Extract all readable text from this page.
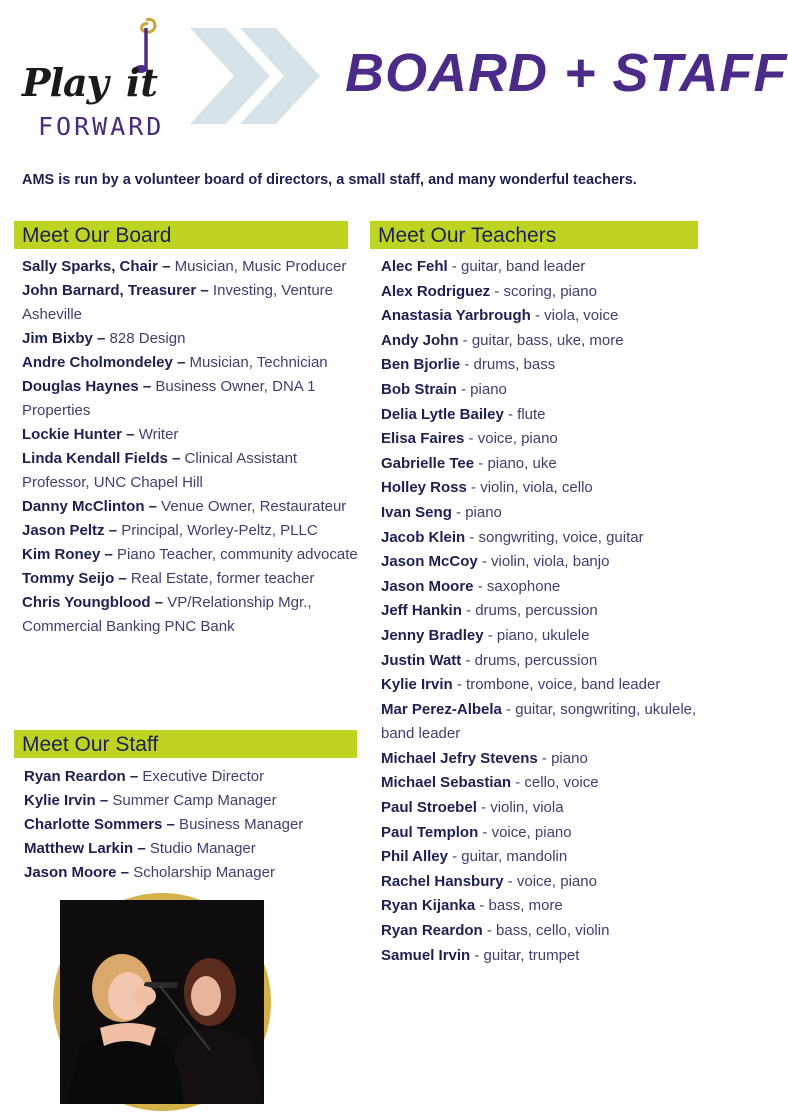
Play it
FORWARD
BOARD + STAFF
AMS is run by a volunteer board of directors, a small staff, and many wonderful teachers.
Meet Our Board
Sally Sparks, Chair – Musician, Music Producer
John Barnard, Treasurer – Investing, Venture Asheville
Jim Bixby – 828 Design
Andre Cholmondeley – Musician, Technician
Douglas Haynes – Business Owner, DNA 1 Properties
Lockie Hunter – Writer
Linda Kendall Fields – Clinical Assistant Professor, UNC Chapel Hill
Danny McClinton – Venue Owner, Restaurateur
Jason Peltz – Principal, Worley-Peltz, PLLC
Kim Roney – Piano Teacher, community advocate
Tommy Seijo – Real Estate, former teacher
Chris Youngblood – VP/Relationship Mgr., Commercial Banking PNC Bank
Meet Our Staff
Ryan Reardon – Executive Director
Kylie Irvin – Summer Camp Manager
Charlotte Sommers – Business Manager
Matthew Larkin – Studio Manager
Jason Moore – Scholarship Manager
Meet Our Teachers
Alec Fehl - guitar, band leader
Alex Rodriguez - scoring, piano
Anastasia Yarbrough - viola, voice
Andy John - guitar, bass, uke, more
Ben Bjorlie - drums, bass
Bob Strain - piano
Delia Lytle Bailey - flute
Elisa Faires - voice, piano
Gabrielle Tee - piano, uke
Holley Ross - violin, viola, cello
Ivan Seng - piano
Jacob Klein - songwriting, voice, guitar
Jason McCoy - violin, viola, banjo
Jason Moore - saxophone
Jeff Hankin - drums, percussion
Jenny Bradley - piano, ukulele
Justin Watt - drums, percussion
Kylie Irvin - trombone, voice, band leader
Mar Perez-Albela - guitar, songwriting, ukulele, band leader
Michael Jefry Stevens - piano
Michael Sebastian - cello, voice
Paul Stroebel - violin, viola
Paul Templon - voice, piano
Phil Alley - guitar, mandolin
Rachel Hansbury - voice, piano
Ryan Kijanka - bass, more
Ryan Reardon - bass, cello, violin
Samuel Irvin - guitar, trumpet
